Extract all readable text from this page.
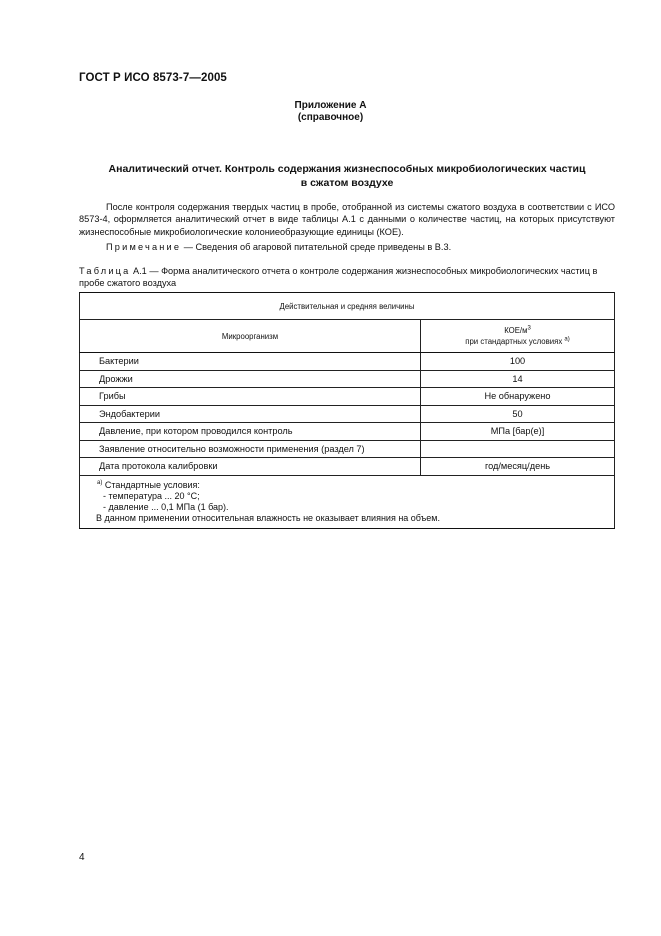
ГОСТ Р ИСО 8573-7—2005
Приложение А
(справочное)
Аналитический отчет. Контроль содержания жизнеспособных микробиологических частиц
в сжатом воздухе
После контроля содержания твердых частиц в пробе, отобранной из системы сжатого воздуха в соответствии с ИСО 8573-4, оформляется аналитический отчет в виде таблицы А.1 с данными о количестве частиц, на которых присутствуют жизнеспособные микробиологические колониеобразующие единицы (КОЕ).
Примечание — Сведения об агаровой питательной среде приведены в В.3.
Таблица А.1 — Форма аналитического отчета о контроле содержания жизнеспособных микробиологических частиц в пробе сжатого воздуха
Действительная и средняя величины	
Микроорганизм	КОЕ/$м^3$
при стандартных условиях $^{а)}$

Бактерии	100
Дрожжи	14
Грибы	Не обнаружено
Эндобактерии	50
Давление, при котором проводился контроль	МПа [бар(е)]
Заявление относительно возможности применения (раздел 7)	
Дата протокола калибровки	год/месяц/день

$^{а)}$ Стандартные условия:
- температура ... 20 °С;
- давление ... 0,1 МПа (1 бар).
В данном применении относительная влажность не оказывает влияния на объем.	
4
